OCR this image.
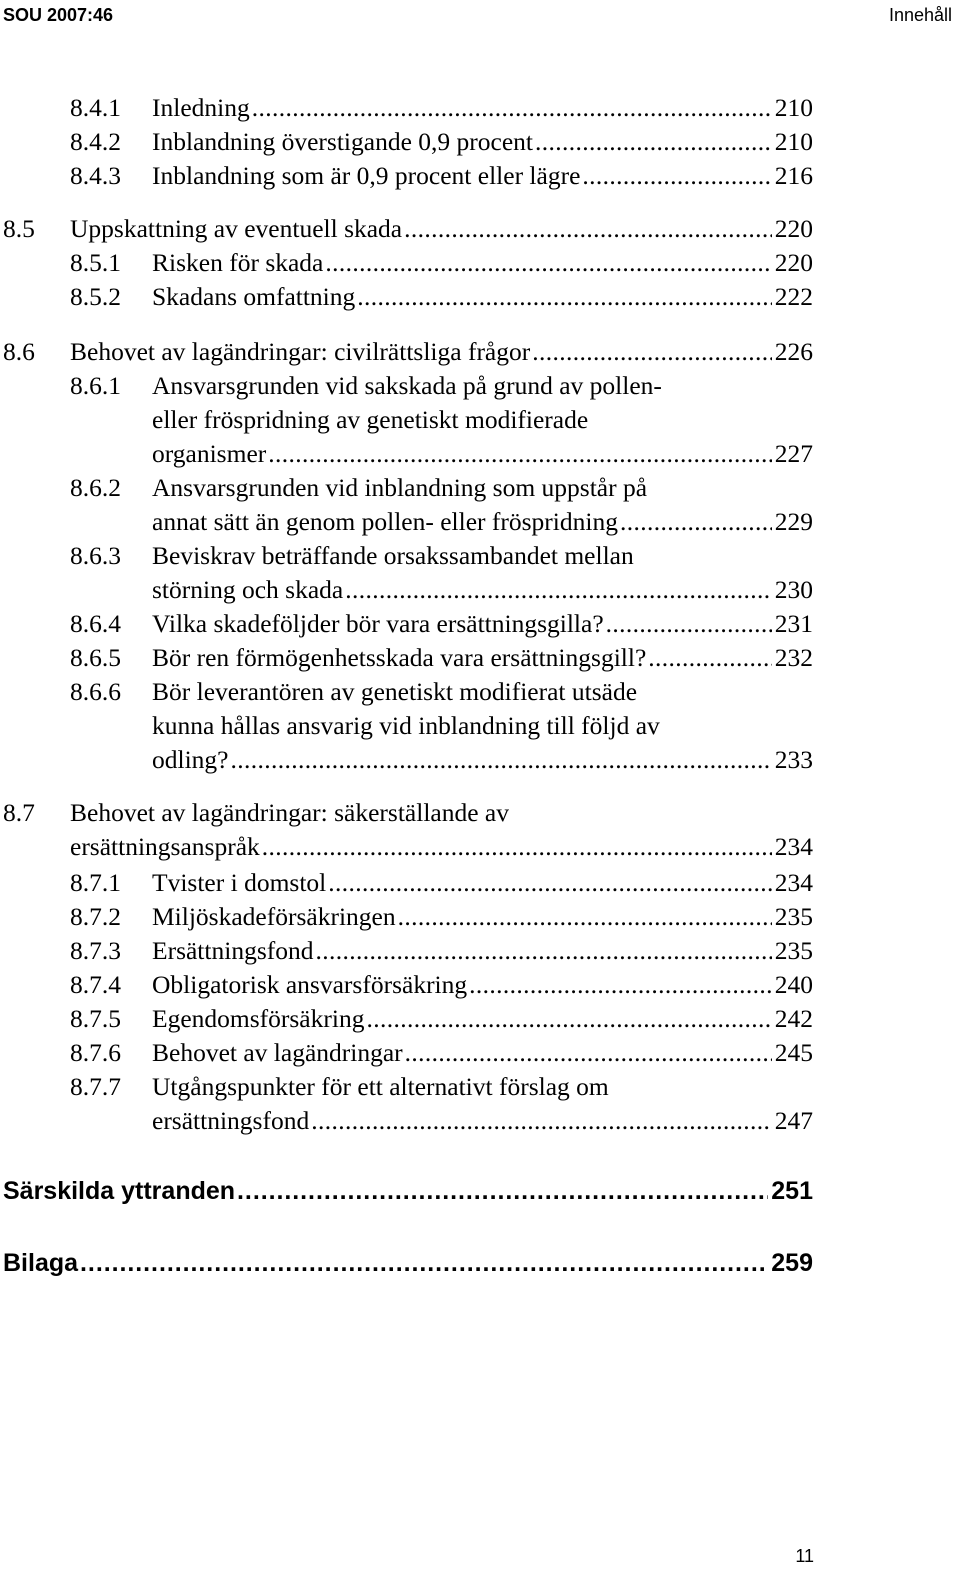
SOU 2007:46	Innehåll
8.4.1 Inledning . . .	210
8.4.2 Inblandning överstigande 0,9 procent . . .	210
8.4.3 Inblandning som är 0,9 procent eller lägre . . .	216
8.5 Uppskattning av eventuell skada . . .	220
8.5.1 Risken för skada . . .	220
8.5.2 Skadans omfattning . . .	222
8.6 Behovet av lagändringar: civilrättsliga frågor . . .	226
8.6.1 Ansvarsgrunden vid sakskada på grund av pollen-
eller fröspridning av genetiskt modifierade
organismer . . .	227
8.6.2 Ansvarsgrunden vid inblandning som uppstår på
annat sätt än genom pollen- eller fröspridning . . .	229
8.6.3 Beviskrav beträffande orsakssambandet mellan
störning och skada . . .	230
8.6.4 Vilka skadeföljder bör vara ersättningsgilla? . . .	231
8.6.5 Bör ren förmögenhetsskada vara ersättningsgill? . . .	232
8.6.6 Bör leverantören av genetiskt modifierat utsäde
kunna hållas ansvarig vid inblandning till följd av
odling? . . .	233
8.7 Behovet av lagändringar: säkerställande av
ersättningsanspråk . . .	234
8.7.1 Tvister i domstol . . .	234
8.7.2 Miljöskadeförsäkringen . . .	235
8.7.3 Ersättningsfond . . .	235
8.7.4 Obligatorisk ansvarsförsäkring . . .	240
8.7.5 Egendomsförsäkring . . .	242
8.7.6 Behovet av lagändringar . . .	245
8.7.7 Utgångspunkter för ett alternativt förslag om
ersättningsfond . . .	247
Särskilda yttranden . . .	251
Bilaga . . .	259
11
